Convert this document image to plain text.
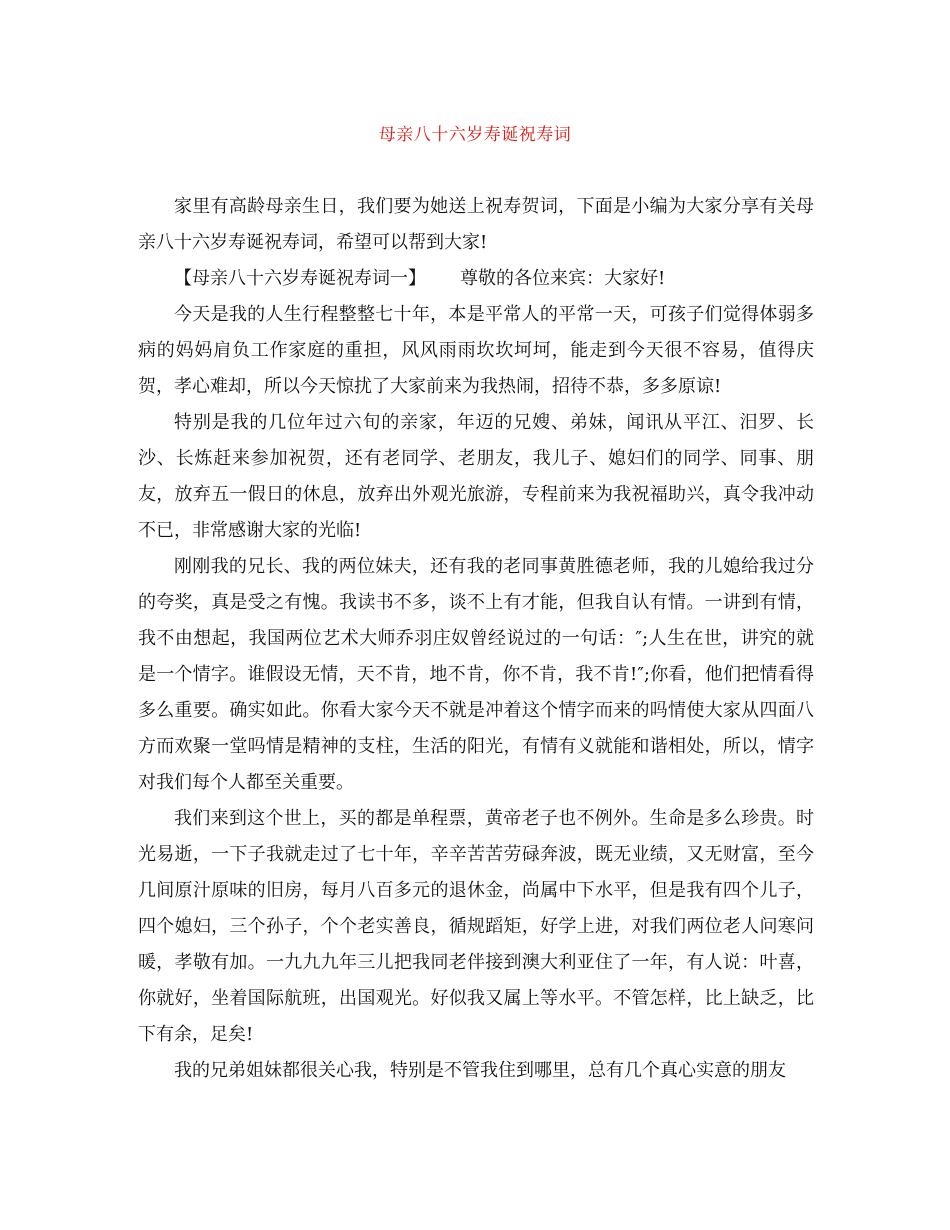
母亲八十六岁寿诞祝寿词

家里有高龄母亲生日，我们要为她送上祝寿贺词，下面是小编为大家分享有关母亲八十六岁寿诞祝寿词，希望可以帮到大家!

【母亲八十六岁寿诞祝寿词一】 尊敬的各位来宾：大家好!

今天是我的人生行程整整七十年，本是平常人的平常一天，可孩子们觉得体弱多病的妈妈肩负工作家庭的重担，风风雨雨坎坎坷坷，能走到今天很不容易，值得庆贺，孝心难却，所以今天惊扰了大家前来为我热闹，招待不恭，多多原谅!

特别是我的几位年过六旬的亲家，年迈的兄嫂、弟妹，闻讯从平江、汨罗、长沙、长炼赶来参加祝贺，还有老同学、老朋友，我儿子、媳妇们的同学、同事、朋友，放弃五一假日的休息，放弃出外观光旅游，专程前来为我祝福助兴，真令我冲动不已，非常感谢大家的光临!

刚刚我的兄长、我的两位妹夫，还有我的老同事黄胜德老师，我的儿媳给我过分的夸奖，真是受之有愧。我读书不多，谈不上有才能，但我自认有情。一讲到有情，我不由想起，我国两位艺术大师乔羽庄奴曾经说过的一句话：″;人生在世，讲究的就是一个情字。谁假设无情，天不肯，地不肯，你不肯，我不肯!″;你看，他们把情看得多么重要。确实如此。你看大家今天不就是冲着这个情字而来的吗情使大家从四面八方而欢聚一堂吗情是精神的支柱，生活的阳光，有情有义就能和谐相处，所以，情字对我们每个人都至关重要。

我们来到这个世上，买的都是单程票，黄帝老子也不例外。生命是多么珍贵。时光易逝，一下子我就走过了七十年，辛辛苦苦劳碌奔波，既无业绩，又无财富，至今几间原汁原味的旧房，每月八百多元的退休金，尚属中下水平，但是我有四个儿子，四个媳妇，三个孙子，个个老实善良，循规蹈矩，好学上进，对我们两位老人问寒问暖，孝敬有加。一九九九年三儿把我同老伴接到澳大利亚住了一年，有人说：叶喜，你就好，坐着国际航班，出国观光。好似我又属上等水平。不管怎样，比上缺乏，比下有余，足矣!

我的兄弟姐妹都很关心我，特别是不管我住到哪里，总有几个真心实意的朋友
